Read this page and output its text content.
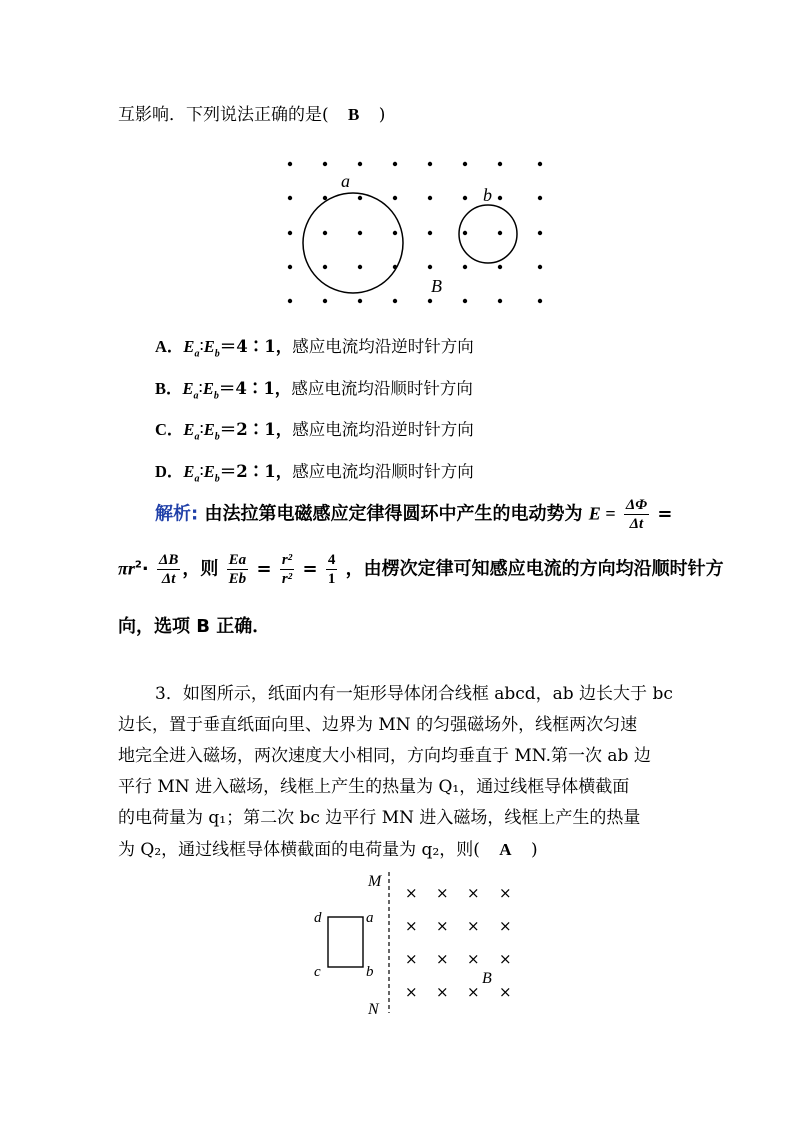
互影响．下列说法正确的是( B )
a
b
B
A．$E_a∶E_b=4∶1$，感应电流均沿逆时针方向
B．$E_a∶E_b=4∶1$，感应电流均沿顺时针方向
C．$E_a∶E_b=2∶1$，感应电流均沿逆时针方向
D．$E_a∶E_b=2∶1$，感应电流均沿顺时针方向
解析: 由法拉第电磁感应定律得圆环中产生的电动势为 $E = \frac{\Delta\Phi}{\Delta t}$ =
$\pi r^2\cdot \frac{\Delta B}{\Delta t}$ ，则 $\frac{Ea}{Eb} = \frac{\text{r²}}{\text{r²}} = \frac{4}{1}$ ，由楞次定律可知感应电流的方向均沿顺时针方
向，选项 B 正确．
3．如图所示，纸面内有一矩形导体闭合线框 abcd，ab 边长大于 bc
边长，置于垂直纸面向里、边界为 MN 的匀强磁场外，线框两次匀速
地完全进入磁场，两次速度大小相同，方向均垂直于 MN.第一次 ab 边
平行 MN 进入磁场，线框上产生的热量为 Q₁，通过线框导体横截面
的电荷量为 q₁；第二次 bc 边平行 MN 进入磁场，线框上产生的热量
为 Q₂，通过线框导体横截面的电荷量为 q₂，则( A )
M
N
d	a
c	b
× × × ×
× × × ×
× × × ×
× × × ×
B
